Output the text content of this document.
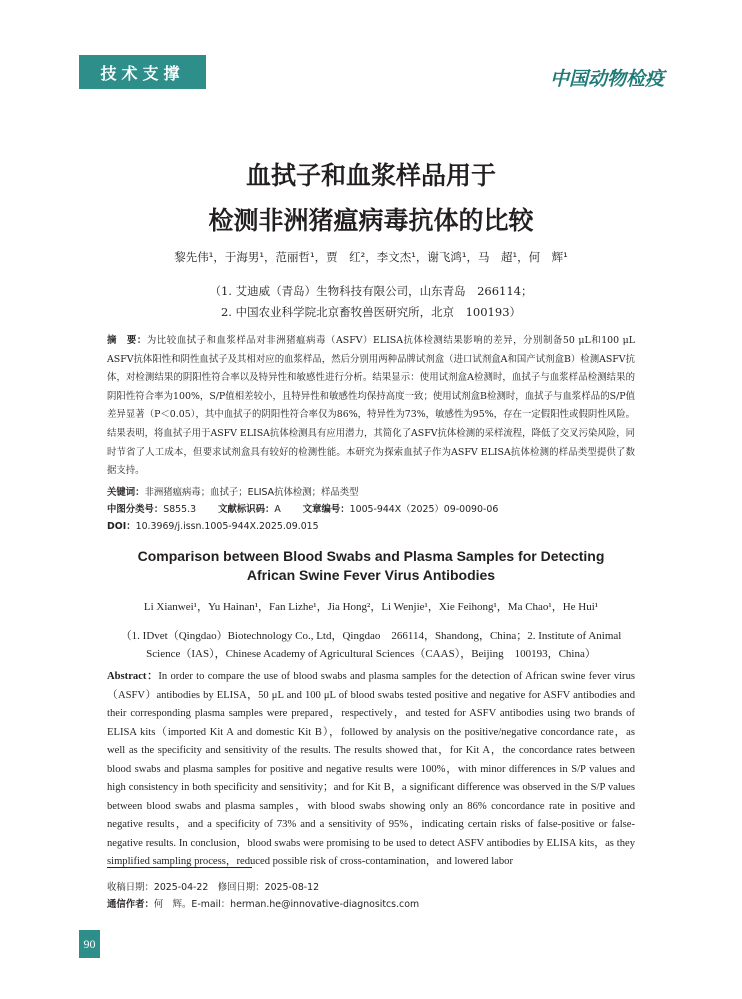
技术支撑	中国动物检疫
血拭子和血浆样品用于
检测非洲猪瘟病毒抗体的比较
黎先伟¹，于海男¹，范丽哲¹，贾　红²，李文杰¹，谢飞鸿¹，马　超¹，何　辉¹
（1. 艾迪威（青岛）生物科技有限公司，山东青岛　266114；
2. 中国农业科学院北京畜牧兽医研究所，北京　100193）
摘　要：为比较血拭子和血浆样品对非洲猪瘟病毒（ASFV）ELISA抗体检测结果影响的差异，分别制备50 μL和100 μL ASFV抗体阳性和阴性血拭子及其相对应的血浆样品，然后分别用两种品牌试剂盒（进口试剂盒A和国产试剂盒B）检测ASFV抗体，对检测结果的阴阳性符合率以及特异性和敏感性进行分析。结果显示：使用试剂盒A检测时，血拭子与血浆样品检测结果的阴阳性符合率为100%，S/P值相差较小，且特异性和敏感性均保持高度一致；使用试剂盒B检测时，血拭子与血浆样品的S/P值差异显著（P＜0.05），其中血拭子的阴阳性符合率仅为86%，特异性为73%，敏感性为95%，存在一定假阳性或假阴性风险。结果表明，将血拭子用于ASFV ELISA抗体检测具有应用潜力，其简化了ASFV抗体检测的采样流程，降低了交叉污染风险，同时节省了人工成本，但要求试剂盒具有较好的检测性能。本研究为探索血拭子作为ASFV ELISA抗体检测的样品类型提供了数据支持。
关键词：非洲猪瘟病毒；血拭子；ELISA抗体检测；样品类型
中图分类号：S855.3 文献标识码：A 文章编号：1005-944X（2025）09-0090-06
DOI：10.3969/j.issn.1005-944X.2025.09.015
Comparison between Blood Swabs and Plasma Samples for Detecting
African Swine Fever Virus Antibodies
Li Xianwei¹，Yu Hainan¹，Fan Lizhe¹，Jia Hong²，Li Wenjie¹，Xie Feihong¹，Ma Chao¹，He Hui¹
（1. IDvet（Qingdao）Biotechnology Co., Ltd，Qingdao　266114，Shandong，China；2. Institute of Animal
Science（IAS），Chinese Academy of Agricultural Sciences（CAAS），Beijing　100193，China）
Abstract：In order to compare the use of blood swabs and plasma samples for the detection of African swine fever virus（ASFV）antibodies by ELISA，50 μL and 100 μL of blood swabs tested positive and negative for ASFV antibodies and their corresponding plasma samples were prepared，respectively，and tested for ASFV antibodies using two brands of ELISA kits（imported Kit A and domestic Kit B），followed by analysis on the positive/negative concordance rate，as well as the specificity and sensitivity of the results. The results showed that，for Kit A，the concordance rates between blood swabs and plasma samples for positive and negative results were 100%，with minor differences in S/P values and high consistency in both specificity and sensitivity；and for Kit B，a significant difference was observed in the S/P values between blood swabs and plasma samples，with blood swabs showing only an 86% concordance rate in positive and negative results，and a specificity of 73% and a sensitivity of 95%，indicating certain risks of false-positive or false-negative results. In conclusion，blood swabs were promising to be used to detect ASFV antibodies by ELISA kits，as they simplified sampling process，reduced possible risk of cross-contamination，and lowered labor
收稿日期：2025-04-22　修回日期：2025-08-12
通信作者：何　辉。E-mail：herman.he@innovative-diagnositcs.com
90
